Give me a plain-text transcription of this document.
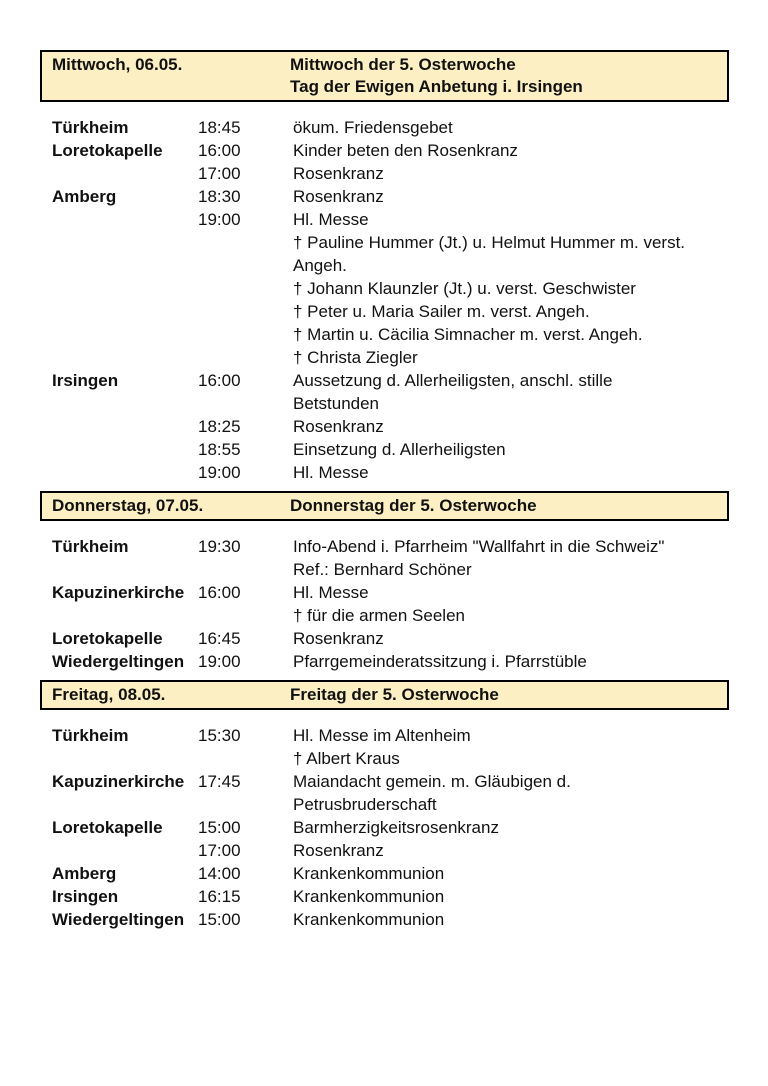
Mittwoch, 06.05.	Mittwoch der 5. Osterwoche
Tag der Ewigen Anbetung i. Irsingen
Türkheim	18:45	ökum. Friedensgebet
Loretokapelle	16:00	Kinder beten den Rosenkranz
17:00	Rosenkranz
Amberg	18:30	Rosenkranz
19:00	Hl. Messe
† Pauline Hummer (Jt.) u. Helmut Hummer m. verst.
Angeh.
† Johann Klaunzler (Jt.) u. verst. Geschwister
† Peter u. Maria Sailer m. verst. Angeh.
† Martin u. Cäcilia Simnacher m. verst. Angeh.
† Christa Ziegler
Irsingen	16:00	Aussetzung d. Allerheiligsten, anschl. stille
Betstunden
18:25	Rosenkranz
18:55	Einsetzung d. Allerheiligsten
19:00	Hl. Messe
Donnerstag, 07.05.	Donnerstag der 5. Osterwoche
Türkheim	19:30	Info-Abend i. Pfarrheim "Wallfahrt in die Schweiz"
Ref.: Bernhard Schöner
Kapuzinerkirche 16:00	Hl. Messe
† für die armen Seelen
Loretokapelle	16:45	Rosenkranz
Wiedergeltingen 19:00	Pfarrgemeinderatssitzung i. Pfarrstüble
Freitag, 08.05.	Freitag der 5. Osterwoche
Türkheim	15:30	Hl. Messe im Altenheim
† Albert Kraus
Kapuzinerkirche 17:45	Maiandacht gemein. m. Gläubigen d.
Petrusbruderschaft
Loretokapelle	15:00	Barmherzigkeitsrosenkranz
17:00	Rosenkranz
Amberg	14:00	Krankenkommunion
Irsingen	16:15	Krankenkommunion
Wiedergeltingen 15:00	Krankenkommunion
